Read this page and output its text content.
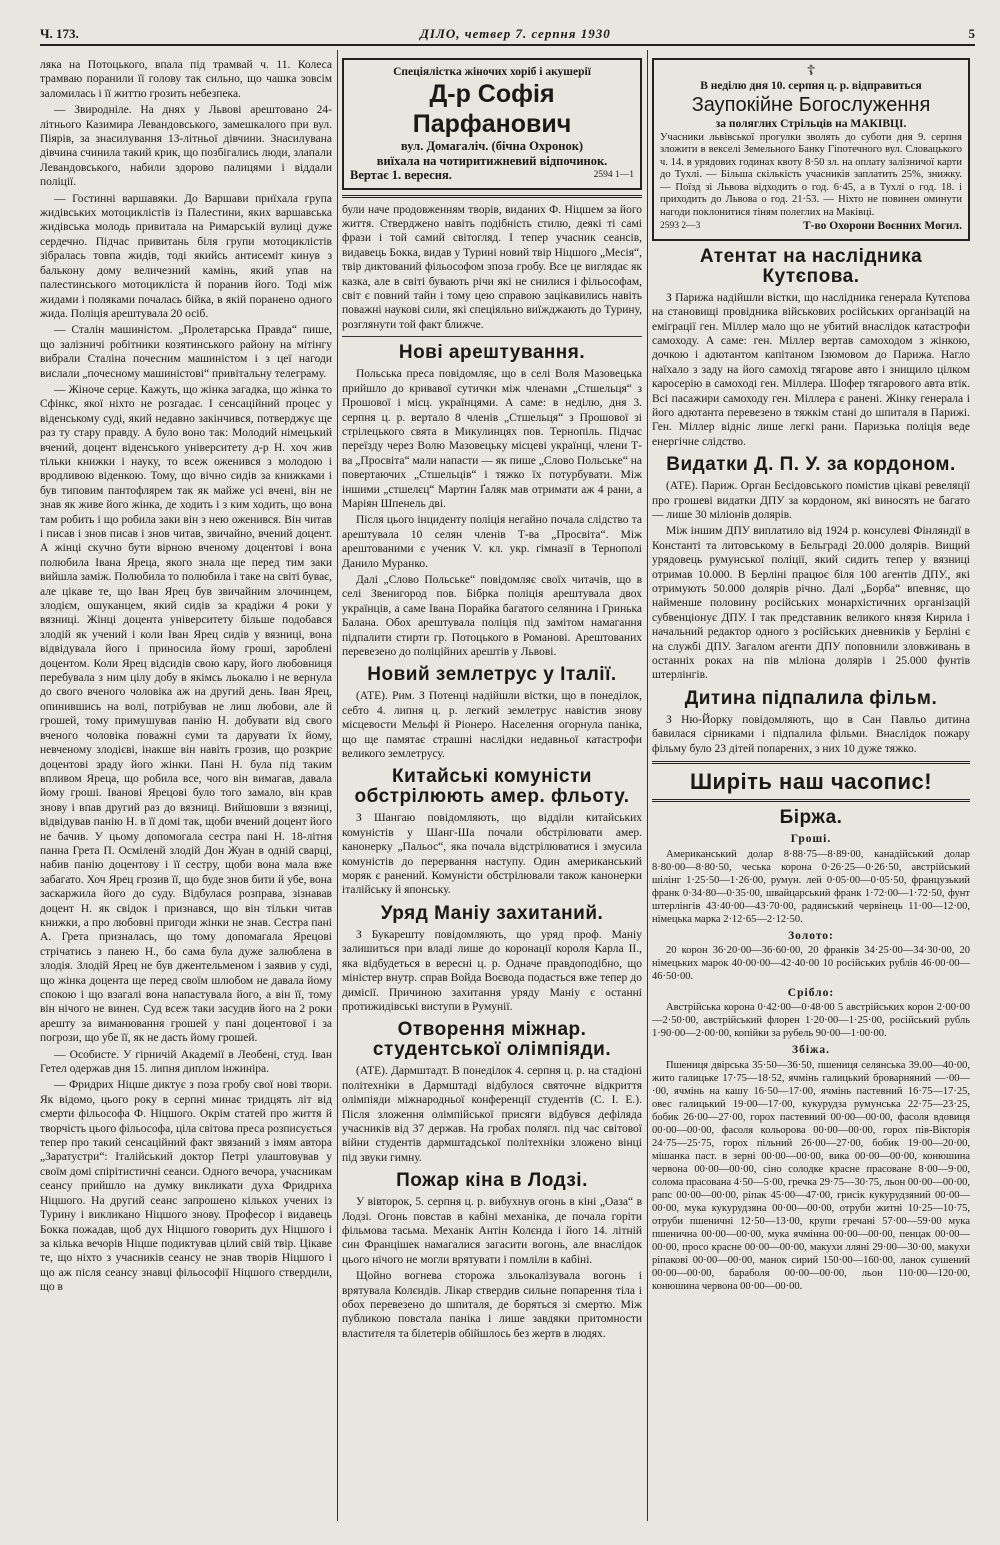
Ч. 173.	ДІЛО, четвер 7. серпня 1930	5

ляка на Потоцького, впала під трамвай ч. 11. Колеса трамваю поранили її голову так сильно, що чашка зовсім заломилась і її життю грозить небезпека.

— Звиродніле. На днях у Львові арештовано 24-літнього Казимира Левандовського, замешкалого при вул. Піярів, за знасилування 13-літньої дівчини. Знасилувана дівчина счинила такий крик, що позбігались люди, злапали Левандовського, набили здорово палицями і віддали поліції.

— Гостинні варшавяки. До Варшави приїхала група жидівських мотоциклістів із Палестини, яких варшавська жидівська молодь привитала на Римарській вулиці дуже сердечно. Підчас привитань біля групи мотоциклістів зібралась товпа жидів, тоді якийсь антисеміт кинув з бальконy дому величезний камінь, який упав на палестинського мотоцикліста й поранив його. Тоді між жидами і поляками почалась бійка, в якій поранено одного жида. Поліція арештувала 20 осіб.

— Сталін машиністом. „Пролетарська Правда“ пише, що залізничі робітники козятинського району на мітінгу вибрали Сталіна почесним машиністом і з цеї нагоди вислали „почесному машиністові“ привітальну телеграму.

— Жіноче серце. Кажуть, що жінка загадка, що жінка то Сфінкс, якої ніхто не розгадає. І сенсаційний процес у віденському суді, який недавно закінчився, потверджує ще раз ту стару правду. А було воно так: Молодий німецький вчений, доцент віденського університету д-р Н. хоч жив тільки книжки і науку, то всеж оженився з молодою і вродливою віденкою. Тому, що вічно сидів за книжками і був типовим пантофлярем так як майже усі вчені, він не знав як живе його жінка, де ходить і з ким ходить, що вона там робить і що робила заки він з нею оженився. Він читав і писав і знов писав і знов читав, звичайно, вчений доцент. А жінці скучно бути вірною вченому доцентові і вона полюбила Івана Яреца, якого знала ще перед тим заки вийшла заміж. Полюбила то полюбила і таке на світі буває, але цікаве те, що Іван Ярец був звичайним злочинцем, злодієм, ошуканцем, який сидів за крадіжи 4 роки у вязниці. Жінці доцента університету більше подобався злодій як учений і коли Іван Ярец сидів у вязниці, вона відвідувала його і приносила йому гроші, зароблені доцентом. Коли Ярец відсидів свою кару, його любовниця перебувала з ним цілу добу в якімсь льокалю і не вернула до свого вченого чоловіка аж на другий день. Іван Ярец, опинившись на волі, потрібував не лиш любови, але й грошей, тому примушував панію Н. добувати від свого вченого чоловіка поважні суми та дарувати їх йому, невченому злодієві, інакше він навіть грозив, що розкриє доцентові зраду його жінки. Пані Н. була під таким впливом Яреца, що робила все, чого він вимагав, давала йому гроші. Іванові Ярецові було того замало, він крав знову і впав другий раз до вязниці. Вийшовши з вязниці, відвідував панію Н. в її домі так, щоби вчений доцент його не бачив. У цьому допомогала сестра пані Н. 18-літня панна Грета П. Осміленй злодій Дон Жуан в одній сварці, набив панію доцентову і її сестру, щоби вона мала вже забагато. Хоч Ярец грозив її, що буде знов бити й убе, вона заскаржила його до суду. Відбулася розправа, зізнавав доцент Н. як свідок і признався, що він тільки читав книжки, а про любовні пригоди жінки не знав. Сестра пані А. Грета призналась, що тому допомагала Ярецові стрічатись з панею Н., бо сама була дуже залюблена в злодія. Злодій Ярец не був джентельменом і заявив у суді, що жінка доцента ще перед своїм шлюбом не давала йому спокою і що взагалі вона напастувала його, а він її, тому він нічого не винен. Суд всеж таки засудив його на 2 роки арешту за виманювання грошей у пані доцентової і за погрози, що убе її, як не дасть йому грошей.

— Особисте. У гірничій Академії в Леобені, студ. Іван Гетел одержав дня 15. липня диплом інжиніра.

— Фридрих Ніцше диктує з поза гробу свої нові твори. Як відомо, цього року в серпні минає тридцять літ від смерти фільософа Ф. Ніцшого. Окрім статей про життя й творчість цього фільософа, ціла світова преса розписується тепер про такий сенсаційний факт звязаний з імям автора „Заратустри“: Італійський доктор Петрі улаштовував у своїм домі спірітистичні сеанси. Одного вечора, учасникам сеансу прийшло на думку викликати духа Фридриха Ніцшого. На другий сеанс запрошено кількох учених із Турину і викликано Ніцшого знову. Професор і видавець Бокка пожадав, щоб дух Ніцшого говорить дух Ніцшого і за кілька вечорів Ніцше подиктував цілий свій твір. Цікаве те, що ніхто з учасників сеансу не знав творів Ніцшого і що аж після сеансу знавці фільософії Ніцшого ствердили, що в

Спеціялістка жіночих хоріб і акушерії
Д-р Софія Парфанович
вул. Домагаліч. (бічна Охронок)
виїхала на чотиритижневий відпочинок.
Вертає 1. вересня.	2594 1—1

були наче продовженням творів, виданих Ф. Ніцшем за його життя. Стверджено навіть подібність стилю, деякі ті самі фрази і той самий світогляд. І тепер учасник сеансів, видавець Бокка, видав у Турині новий твір Ніцшого „Месія“, твір диктований фільософом зпоза гробу. Все це виглядає як казка, але в світі бувають річи які не снилися і фільософам, світ є повний тайн і тому цею справою зацікавились навіть поважні наукові сили, які спеціяльно виїжджають до Турину, розглянути той факт ближче.

Нові арештування.

Польська преса повідомляє, що в селі Воля Мазовецька прийшло до кривавої сутички між членами „Стшельця“ з Прошової і місц. українцями. А саме: в неділю, дня 3. серпня ц. р. вертало 8 членів „Стшельця“ з Прошової зі стрілецького свята в Микулинцях пов. Тернопіль. Підчас переїзду через Волю Мазовецьку місцеві українці, члени Т-ва „Просвіта“ мали напасти — як пише „Слово Польське“ на повертаючих „Стшельців“ і тяжко їх потурбувати. Між іншими „стшелєц“ Мартин Ґаляк мав отримати аж 4 рани, а Маріян Шпенель дві.

Після цього інциденту поліція негайно почала слідство та арештувала 10 селян членів Т-ва „Просвіта“. Між арештованими є ученик V. кл. укр. гімназії в Тернополі Данило Муранко.

Далі „Слово Польське“ повідомляє своїх читачів, що в селі Звенигород пов. Бібрка поліція арештувала двох українців, а саме Івана Порайка багатого селянина і Гринька Балана. Обох арештувала поліція під замітом намагання підпалити стирти гр. Потоцького в Романові. Арештованих перевезено до поліційних арештів у Львові.

Новий землетрус у Італії.

(АТЕ). Рим. З Потенці надійшли вістки, що в понеділок, себто 4. липня ц. р. легкий землетрус навістив знову місцевости Мельфі й Ріонеро. Населення огорнула паніка, що ще памятає страшні наслідки недавньої катастрофи великого землетрусу.

Китайські комуністи обстрілюють амер. фльоту.

З Шангаю повідомляють, що відділи китайських комуністів у Шанг-Ша почали обстрілювати амер. канонерку „Пальос“, яка почала відстрілюватися і змусила комуністів до перервання наступу. Один американський моряк є ранений. Комуністи обстрілювали також канонерки італійську й японську.

Уряд Маніу захитаний.

З Букарешту повідомляють, що уряд проф. Маніу залишиться при владі лише до коронації короля Карла II., яка відбудеться в вересні ц. р. Одначе правдоподібно, що міністер внутр. справ Войда Воєвода подасться вже тепер до димісії. Причиною захитання уряду Маніу є останні протижидівські виступи в Румунії.

Отворення міжнар. студентської олімпіяди.

(АТЕ). Дармштадт. В понеділок 4. серпня ц. р. на стадіоні політехніки в Дармштаді відбулося святочне відкриття олімпіяди міжнародньої конференції студентів (С. І. Е.). Після зложення олімпійської присяги відбувся дефіляда учасників від 37 держав. На гробах полягл. під час світової війни студентів дармштадської політехніки зложено вінці під звуки гимну.

Пожар кіна в Лодзі.

У вівторок, 5. серпня ц. р. вибухнув огонь в кіні „Оаза“ в Лодзі. Огонь повстав в кабіні механіка, де почала горіти фільмова тасьма. Механік Антін Колєнда і його 14. літній син Францішек намагалися загасити вогонь, але внаслідок цього нічого не могли врятувати і помліли в кабіні.

Щойно вогнева сторожа зльокалізувала вогонь і врятувала Колєндів. Лікар ствердив сильне попарення тіла і обох перевезено до шпиталя, де боряться зі смертю. Між публикою повстала паніка і лише завдяки притомности властителя та білетерів обійшлось без жертв в людях.

☦
В неділю дня 10. серпня ц. р. відправиться
Заупокійне Богослуження
за поляглих Стрільців на МАКІВЦІ.
Учасники львівської прогулки зволять до суботи дня 9. серпня зложити в векселі Земельного Банку Гіпотечного вул. Словацького ч. 14. в урядових годинах квоту 8·50 зл. на оплату залізничої карти до Тухлі. — Більша скількість учасників заплатить 25%, знижку. — Поїзд зі Львова відходить о год. 6·45, а в Тухлі о год. 18. і приходить до Львова о год. 21·53. — Ніхто не повинен оминути нагоди поклонитися тіням полеглих на Маківці.
2593 2—3	Т-во Охорони Воєнних Могил.
Атентат на наслідника Кутєпова.

З Парижа надійшли вістки, що наслідника генерала Кутєпова на становищі провідника військових російських організацій на еміграції ген. Міллер мало що не убитий внаслідок катастрофи самоходу. А саме: ген. Міллер вертав самоходом з жінкою, дочкою і адютантом капітаном Ізюмовом до Парижа. Нагло наїхало з заду на його самохід тягарове авто і знищило цілком каросерію в самоході ген. Міллера. Шофер тягарового авта втік. Всі пасажири самоходу ген. Міллера є ранені. Жінку генерала і його адютанта перевезено в тяжкім стані до шпиталя в Парижі. Ген. Міллер відніс лише легкі рани. Паризька поліція веде енергічне слідство.

Видатки Д. П. У. за кордоном.

(АТЕ). Париж. Орган Бесідовського помістив цікаві ревеляції про грошеві видатки ДПУ за кордоном, які виносять не багато — лише 30 міліонів долярів.

Між іншим ДПУ виплатило від 1924 р. консулеві Фінляндії в Константі та литовському в Бельграді 20.000 долярів. Вищий урядовець румунської поліції, який сидить тепер у вязниці отримав 10.000. В Берліні працює біля 100 агентів ДПУ., які отримують 50.000 долярів річно. Далі „Борба“ впевняє, що найменше половину російських монархістичних організацій субвенціонує ДПУ. І так представник великого князя Кирила і начальний редактор одного з російських дневників у Берліні є на службі ДПУ. Загалом агенти ДПУ поповнили зловживань в останніх роках на пів міліона долярів і 25.000 фунтів штерлінгів.

Дитина підпалила фільм.

З Ню-Йорку повідомляють, що в Сан Павльо дитина бавилася сірниками і підпалила фільми. Внаслідок пожару фільму було 23 дітей попарених, з них 10 дуже тяжко.

Ширіть наш часопис!
Біржа.
Гроші.

Американський долар 8·88·75—8·89·00, канадійський долар 8·80·00—8·80·50, чеська корона 0·26·25—0·26·50, австрійський шілінг 1·25·50—1·26·00, румун. лей 0·05·00—0·05·50, французький франк 0·34·80—0·35·00, швайцарський франк 1·72·00—1·72·50, фунт штерлінгів 43·40·00—43·70·00, радянський червінець 11·00—12·00, німецька марка 2·12·65—2·12·50.

Золото:

20 корон 36·20·00—36·60·00, 20 франків 34·25·00—34·30·00, 20 німецьких марок 40·00·00—42·40·00 10 російських рублів 46·00·00—46·50·00.

Срібло:

Австрійська корона 0·42·00—0·48·00 5 австрійських корон 2·00·00—2·50·00, австрійський флорен 1·20·00—1·25·00, російський рубль 1·90·00—2·00·00, копійки за рубель 90·00—1·00·00.

Збіжа.

Пшениця двірська 35·50—36·50, пшениця селянська 39.00—40·00, жито галицьке 17·75—18·52, ячмінь галицький броварняний —·00—·00, ячмінь на кашу 16·50—17·00, ячмінь пастевний 16·75—17·25, овес галицький 19·00—17·00, кукурудза румунська 22·75—23·25, бобик 26·00—27·00, горох пастевний 00·00—00·00, фасоля вдовиця 00·00—00·00, фасоля кольорова 00·00—00·00, горох пів-Вікторія 24·75—25·75, горох пільний 26·00—27·00, бобик 19·00—20·00, мішанка паст. в зерні 00·00—00·00, вика 00·00—00·00, конюшина червона 00·00—00·00, сіно солодке красне прасоване 8·00—9·00, солома прасована 4·50—5·00, гречка 29·75—30·75, льон 00·00—00·00, рапс 00·00—00·00, ріпак 45·00—47·00, грисік кукурудзяний 00·00—00·00, мука кукурудзяна 00·00—00·00, отруби житні 10·25—10·75, отруби пшеничні 12·50—13·00, крупи гречані 57·00—59·00 мука пшенична 00·00—00·00, мука ячмінна 00·00—00·00, пенцак 00·00—00·00, просо красне 00·00—00·00, макухи лляні 29·00—30·00, макухи ріпакові 00·00—00·00, манок сирий 150·00—160·00, ланок сушений 00·00—00·00, бараболя 00·00—00·00, льон 110·00—120·00, конюшина червона 00·00—00·00.
